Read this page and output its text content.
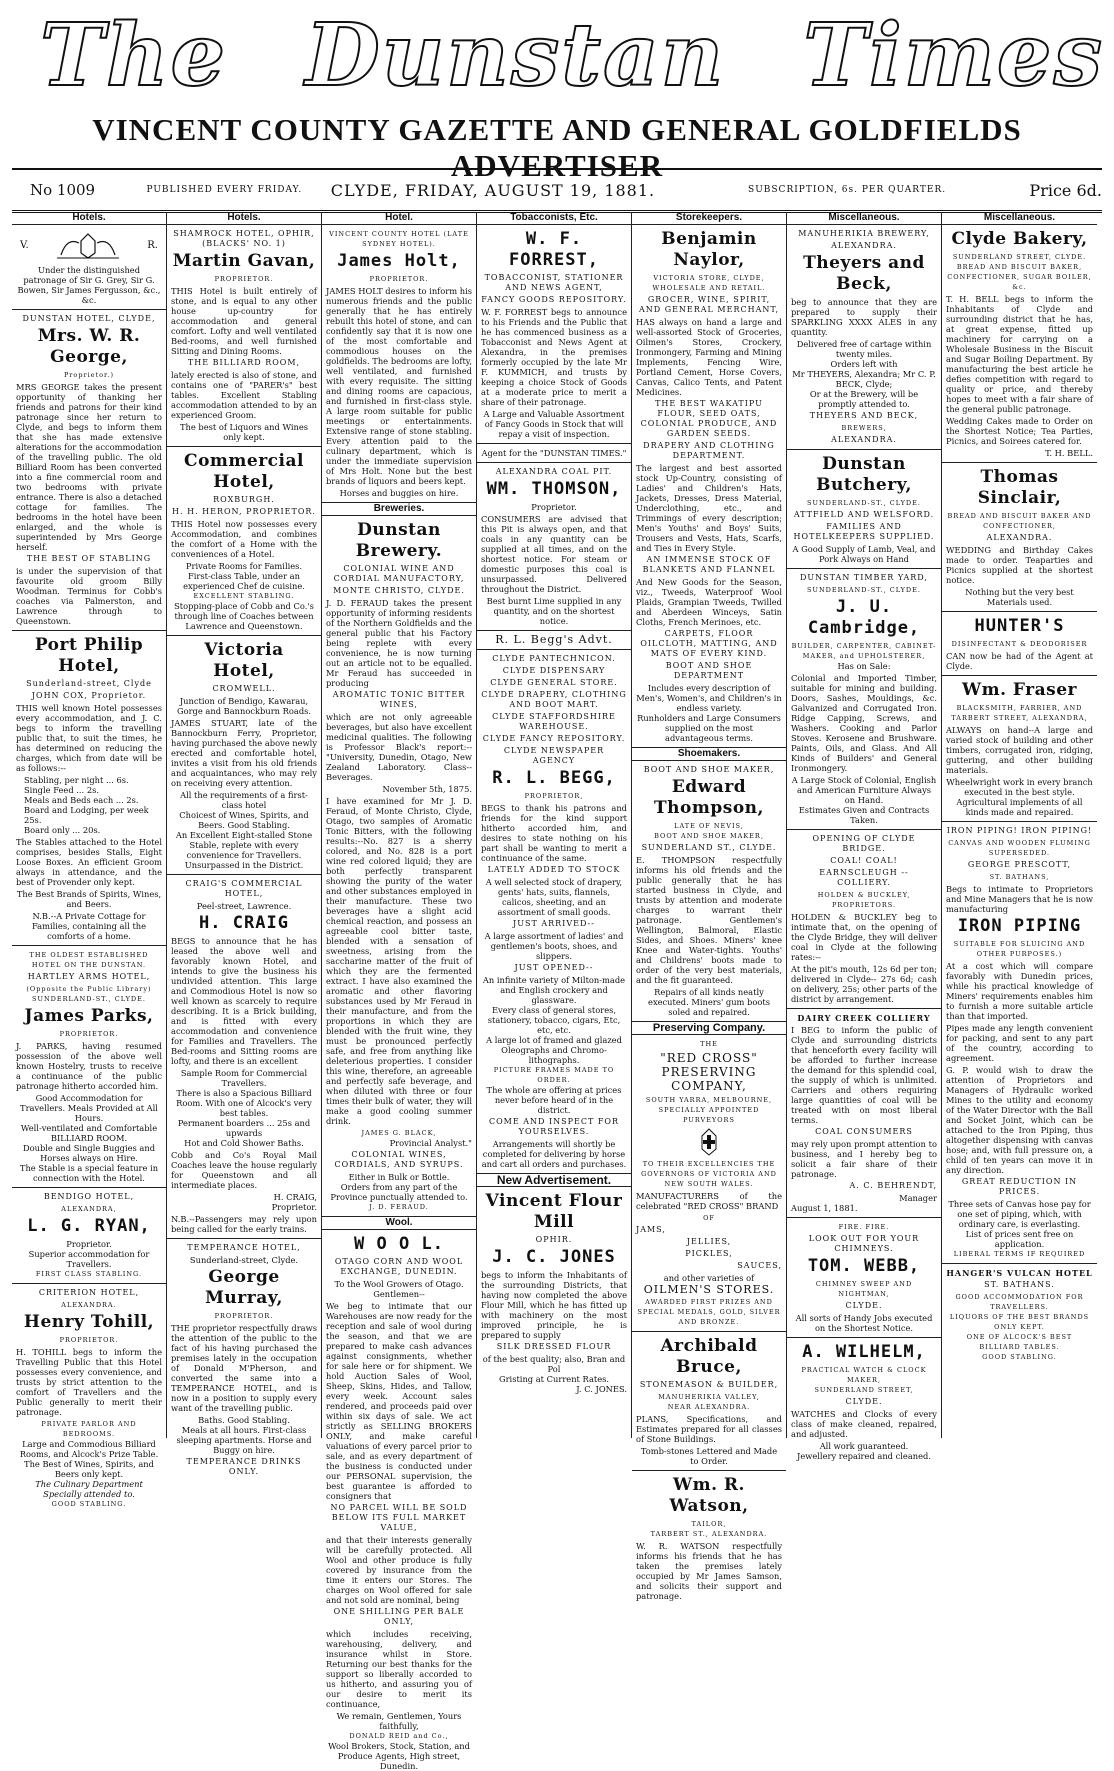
The Dunstan Times
VINCENT COUNTY GAZETTE AND GENERAL GOLDFIELDS ADVERTISER
No 1009	PUBLISHED EVERY FRIDAY.	CLYDE, FRIDAY, AUGUST 19, 1881.	SUBSCRIPTION, 6s. PER QUARTER.	Price 6d.
Hotels.
V.	R.
Under the distinguished patronage of Sir G. Grey, Sir G. Bowen, Sir James Fergusson, &c., &c.
DUNSTAN HOTEL, CLYDE,
Mrs. W. R. George,
Proprietor.)
MRS GEORGE takes the present opportunity of thanking her friends and patrons for their kind patronage since her return to Clyde, and begs to inform them that she has made extensive alterations for the accommodation of the travelling public. The old Billiard Room has been converted into a fine commercial room and two bedrooms with private entrance. There is also a detached cottage for families. The bedrooms in the hotel have been enlarged, and the whole is superintended by Mrs George herself.
THE BEST OF STABLING
is under the supervision of that favourite old groom Billy Woodman. Terminus for Cobb's coaches via Palmerston, and Lawrence through to Queenstown.
Port Philip Hotel,
Sunderland-street, Clyde
JOHN COX, Proprietor.
THIS well known Hotel possesses every accommodation, and J. C. begs to inform the travelling public that, to suit the times, he has determined on reducing the charges, which from date will be as follows:--
Stabling, per night ... 6s.
Single Feed ... 2s.
Meals and Beds each ... 2s.
Board and Lodging, per week 25s.
Board only ... 20s.
The Stables attached to the Hotel comprises, besides Stalls, Eight Loose Boxes. An efficient Groom always in attendance, and the best of Provender only kept.
The Best Brands of Spirits, Wines, and Beers.
N.B.--A Private Cottage for Families, containing all the comforts of a home.
THE OLDEST ESTABLISHED HOTEL ON THE DUNSTAN.
HARTLEY ARMS HOTEL,
(Opposite the Public Library) SUNDERLAND-ST., CLYDE.
James Parks,
PROPRIETOR.
J. PARKS, having resumed possession of the above well known Hostelry, trusts to receive a continuance of the public patronage hitherto accorded him.
Good Accommodation for Travellers. Meals Provided at All Hours.
Well-ventilated and Comfortable BILLIARD ROOM.
Double and Single Buggies and Horses always on Hire.
The Stable is a special feature in connection with the Hotel.
BENDIGO HOTEL,
ALEXANDRA,
L. G. RYAN,
Proprietor.
Superior accommodation for Travellers.
FIRST CLASS STABLING.
CRITERION HOTEL,
ALEXANDRA.
Henry Tohill,
PROPRIETOR.
H. TOHILL begs to inform the Travelling Public that this Hotel possesses every convenience, and trusts by strict attention to the comfort of Travellers and the Public generally to merit their patronage.
PRIVATE PARLOR AND BEDROOMS.
Large and Commodious Billiard Rooms, and Alcock's Prize Table.
The Best of Wines, Spirits, and Beers only kept.
The Culinary Department Specially attended to.
GOOD STABLING.
Hotels.
SHAMROCK HOTEL, OPHIR, (BLACKS' NO. 1)
Martin Gavan,
PROPRIETOR.
THIS Hotel is built entirely of stone, and is equal to any other house up-country for accommodation and general comfort. Lofty and well ventilated Bed-rooms, and well furnished Sitting and Dining Rooms.
THE BILLIARD ROOM,
lately erected is also of stone, and contains one of "PARER's" best tables. Excellent Stabling accommodation attended to by an experienced Groom.
The best of Liquors and Wines only kept.
Commercial Hotel,
ROXBURGH.
H. H. HERON, PROPRIETOR.
THIS Hotel now possesses every Accommodation, and combines the comfort of a Home with the conveniences of a Hotel.
Private Rooms for Families.
First-class Table, under an experienced Chef de cuisine.
EXCELLENT STABLING.
Stopping-place of Cobb and Co.'s through line of Coaches between Lawrence and Queenstown.
Victoria Hotel,
CROMWELL.
Junction of Bendigo, Kawarau, Gorge and Bannockburn Roads.
JAMES STUART, late of the Bannockburn Ferry, Proprietor, having purchased the above newly erected and comfortable hotel, invites a visit from his old friends and acquaintances, who may rely on receiving every attention.
All the requirements of a first-class hotel
Choicest of Wines, Spirits, and Beers. Good Stabling.
An Excellent Eight-stalled Stone Stable, replete with every convenience for Travellers. Unsurpassed in the District.
CRAIG'S COMMERCIAL HOTEL,
Peel-street, Lawrence.
H. CRAIG
BEGS to announce that he has leased the above well and favorably known Hotel, and intends to give the business his undivided attention. This large and Commodious Hotel is now so well known as scarcely to require describing. It is a Brick building, and is fitted with every accommodation and convenience for Families and Travellers. The Bed-rooms and Sitting rooms are lofty, and there is an excellent
Sample Room for Commercial Travellers.
There is also a Spacious Billiard Room. With one of Alcock's very best tables.
Permanent boarders ... 25s and upwards
Hot and Cold Shower Baths.
Cobb and Co's Royal Mail Coaches leave the house regularly for Queenstown and all intermediate places.
H. CRAIG,
Proprietor.
N.B.--Passengers may rely upon being called for the early trains.
TEMPERANCE HOTEL,
Sunderland-street, Clyde.
George Murray,
PROPRIETOR.
THE proprietor respectfully draws the attention of the public to the fact of his having purchased the premises lately in the occupation of Donald M'Pherson, and converted the same into a TEMPERANCE HOTEL, and is now in a position to supply every want of the travelling public.
Baths. Good Stabling.
Meals at all hours. First-class sleeping apartments. Horse and Buggy on hire.
TEMPERANCE DRINKS ONLY.
Hotel.
VINCENT COUNTY HOTEL (LATE SYDNEY HOTEL).
James Holt,
PROPRIETOR.
JAMES HOLT desires to inform his numerous friends and the public generally that he has entirely rebuilt this hotel of stone, and can confidently say that it is now one of the most comfortable and commodious houses on the goldfields. The bedrooms are lofty, well ventilated, and furnished with every requisite. The sitting and dining rooms are capacious, and furnished in first-class style. A large room suitable for public meetings or entertainments. Extensive range of stone stabling. Every attention paid to the culinary department, which is under the immediate supervision of Mrs Holt. None but the best brands of liquors and beers kept.
Horses and buggies on hire.
Breweries.
Dunstan Brewery.
COLONIAL WINE AND CORDIAL MANUFACTORY,
MONTE CHRISTO, CLYDE.
J. D. FERAUD takes the present opportunity of informing residents of the Northern Goldfields and the general public that his Factory being replete with every convenience, he is now turning out an article not to be equalled. Mr Feraud has succeeded in producing
AROMATIC TONIC BITTER WINES,
which are not only agreeable beverages, but also have excellent medicinal qualities. The following is Professor Black's report:-- "University, Dunedin, Otago, New Zealand Laboratory. Class--Beverages.
November 5th, 1875.
I have examined for Mr J. D. Feraud, of Monte Christo, Clyde, Otago, two samples of Aromatic Tonic Bitters, with the following results:--No. 827 is a sherry colored, and No. 828 is a port wine red colored liquid; they are both perfectly transparent showing the purity of the water and other substances employed in their manufacture. These two beverages have a slight acid chemical reaction, and possess an agreeable cool bitter taste, blended with a sensation of sweetness, arising from the saccharine matter of the fruit of which they are the fermented extract. I have also examined the aromatic and other flavoring substances used by Mr Feraud in their manufacture, and from the proportions in which they are blended with the fruit wine, they must be pronounced perfectly safe, and free from anything like deleterious properties. I consider this wine, therefore, an agreeable and perfectly safe beverage, and when diluted with three or four times their bulk of water, they will make a good cooling summer drink.
JAMES G. BLACK,
Provincial Analyst."
COLONIAL WINES, CORDIALS, AND SYRUPS.
Either in Bulk or Bottle.
Orders from any part of the Province punctually attended to.
J. D. FERAUD.
Wool.
W O O L.
OTAGO CORN AND WOOL EXCHANGE, DUNEDIN.
To the Wool Growers of Otago. Gentlemen--
We beg to intimate that our Warehouses are now ready for the reception and sale of wool during the season, and that we are prepared to make cash advances against consignments, whether for sale here or for shipment. We hold Auction Sales of Wool, Sheep, Skins, Hides, and Tallow, every week. Account sales rendered, and proceeds paid over within six days of sale. We act strictly as SELLING BROKERS ONLY, and make careful valuations of every parcel prior to sale, and as every department of the business is conducted under our PERSONAL supervision, the best guarantee is afforded to consigners that
NO PARCEL WILL BE SOLD BELOW ITS FULL MARKET VALUE,
and that their interests generally will be carefully protected. All Wool and other produce is fully covered by insurance from the time it enters our Stores. The charges on Wool offered for sale and not sold are nominal, being
ONE SHILLING PER BALE ONLY,
which includes receiving, warehousing, delivery, and insurance whilst in Store. Returning our best thanks for the support so liberally accorded to us hitherto, and assuring you of our desire to merit its continuance,
We remain, Gentlemen, Yours faithfully,
DONALD REID and Co.,
Wool Brokers, Stock, Station, and Produce Agents, High street, Dunedin.
Tobacconists, Etc.
W. F. FORREST,
TOBACCONIST, STATIONER AND NEWS AGENT,
FANCY GOODS REPOSITORY.
W. F. FORREST begs to announce to his Friends and the Public that he has commenced business as a Tobacconist and News Agent at Alexandra, in the premises formerly occupied by the late Mr F. KUMMICH, and trusts by keeping a choice Stock of Goods at a moderate price to merit a share of their patronage.
A Large and Valuable Assortment of Fancy Goods in Stock that will repay a visit of inspection.
Agent for the "DUNSTAN TIMES."
ALEXANDRA COAL PIT.
WM. THOMSON,
Proprietor.
CONSUMERS are advised that this Pit is always open, and that coals in any quantity can be supplied at all times, and on the shortest notice. For steam or domestic purposes this coal is unsurpassed. Delivered throughout the District.
Best burnt Lime supplied in any quantity, and on the shortest notice.
R. L. Begg's Advt.
CLYDE PANTECHNICON.
CLYDE DISPENSARY
CLYDE GENERAL STORE.
CLYDE DRAPERY, CLOTHING AND BOOT MART.
CLYDE STAFFORDSHIRE WAREHOUSE.
CLYDE FANCY REPOSITORY.
CLYDE NEWSPAPER AGENCY
R. L. BEGG,
PROPRIETOR,
BEGS to thank his patrons and friends for the kind support hitherto accorded him, and desires to state nothing on his part shall be wanting to merit a continuance of the same.
LATELY ADDED TO STOCK
A well selected stock of drapery, gents' hats, suits, flannels, calicos, sheeting, and an assortment of small goods.
JUST ARRIVED--
A large assortment of ladies' and gentlemen's boots, shoes, and slippers.
JUST OPENED--
An infinite variety of Milton-made and English crockery and glassware.
Every class of general stores, stationery, tobacco, cigars, Etc, etc, etc.
A large lot of framed and glazed Oleographs and Chromo-lithographs.
PICTURE FRAMES MADE TO ORDER.
The whole are offering at prices never before heard of in the district.
COME AND INSPECT FOR YOURSELVES.
Arrangements will shortly be completed for delivering by horse and cart all orders and purchases.
New Advertisement.
Vincent Flour Mill
OPHIR.
J. C. JONES
begs to inform the Inhabitants of the surrounding Districts, that having now completed the above Flour Mill, which he has fitted up with machinery on the most improved principle, he is prepared to supply
SILK DRESSED FLOUR
of the best quality; also, Bran and Pol
Gristing at Current Rates.
J. C. JONES.
Storekeepers.
Benjamin Naylor,
VICTORIA STORE, CLYDE,
WHOLESALE AND RETAIL.
GROCER, WINE, SPIRIT, AND GENERAL MERCHANT,
HAS always on hand a large and well-assorted Stock of Groceries, Oilmen's Stores, Crockery, Ironmongery, Farming and Mining Implements, Fencing Wire, Portland Cement, Horse Covers, Canvas, Calico Tents, and Patent Medicines.
THE BEST WAKATIPU FLOUR, SEED OATS, COLONIAL PRODUCE, AND GARDEN SEEDS.
DRAPERY AND CLOTHING DEPARTMENT.
The largest and best assorted stock Up-Country, consisting of Ladies' and Children's Hats, Jackets, Dresses, Dress Material, Underclothing, etc., and Trimmings of every description; Men's Youths' and Boys' Suits, Trousers and Vests, Hats, Scarfs, and Ties in Every Style.
AN IMMENSE STOCK OF BLANKETS AND FLANNEL
And New Goods for the Season, viz., Tweeds, Waterproof Wool Plaids, Grampian Tweeds, Twilled and Aberdeen Winceys, Satin Cloths, French Merinoes, etc.
CARPETS, FLOOR OILCLOTH, MATTING, AND MATS OF EVERY KIND.
BOOT AND SHOE DEPARTMENT
Includes every description of Men's, Women's, and Children's in endless variety.
Runholders and Large Consumers supplied on the most advantageous terms.
Shoemakers.
BOOT AND SHOE MAKER,
Edward Thompson,
LATE OF NEVIS,
BOOT AND SHOE MAKER,
SUNDERLAND ST., CLYDE.
E. THOMPSON respectfully informs his old friends and the public generally that he has started business in Clyde, and trusts by attention and moderate charges to warrant their patronage. Gentlemen's Wellington, Balmoral, Elastic Sides, and Shoes. Miners' knee Knee and Water-tights. Youths' and Childrens' boots made to order of the very best materials, and the fit guaranteed.
Repairs of all kinds neatly executed. Miners' gum boots soled and repaired.
Preserving Company.
THE
"RED CROSS" PRESERVING COMPANY,
SOUTH YARRA, MELBOURNE,
SPECIALLY APPOINTED PURVEYORS
TO THEIR EXCELLENCIES THE GOVERNORS OF VICTORIA AND NEW SOUTH WALES.
MANUFACTURERS of the celebrated "RED CROSS" BRAND
OF
JAMS,
JELLIES,
PICKLES,
SAUCES,
and other varieties of
OILMEN'S STORES.
AWARDED FIRST PRIZES AND SPECIAL MEDALS, GOLD, SILVER AND BRONZE.
Archibald Bruce,
STONEMASON & BUILDER,
MANUHERIKIA VALLEY,
NEAR ALEXANDRA.
PLANS, Specifications, and Estimates prepared for all classes of Stone Buildings.
Tomb-stones Lettered and Made to Order.
Wm. R. Watson,
TAILOR,
TARBERT ST., ALEXANDRA.
W. R. WATSON respectfully informs his friends that he has taken the premises lately occupied by Mr James Samson, and solicits their support and patronage.
Miscellaneous.
MANUHERIKIA BREWERY,
ALEXANDRA.
Theyers and Beck,
beg to announce that they are prepared to supply their SPARKLING XXXX ALES in any quantity.
Delivered free of cartage within twenty miles.
Orders left with
Mr THEYERS, Alexandra; Mr C. P. BECK, Clyde;
Or at the Brewery, will be promptly attended to.
THEYERS AND BECK,
BREWERS,
ALEXANDRA.
Dunstan Butchery,
SUNDERLAND-ST., CLYDE.
ATTFIELD AND WELSFORD.
FAMILIES AND HOTELKEEPERS SUPPLIED.
A Good Supply of Lamb, Veal, and Pork Always on Hand
DUNSTAN TIMBER YARD,
SUNDERLAND-ST., CLYDE.
J. U. Cambridge,
BUILDER, CARPENTER, CABINET-MAKER, and UPHOLSTERER,
Has on Sale:
Colonial and Imported Timber, suitable for mining and building. Doors, Sashes, Mouldings, &c. Galvanized and Corrugated Iron. Ridge Capping, Screws, and Washers. Cooking and Parlor Stoves. Kerosene and Brushware. Paints, Oils, and Glass. And All Kinds of Builders' and General Ironmongery.
A Large Stock of Colonial, English and American Furniture Always on Hand.
Estimates Given and Contracts Taken.
OPENING OF CLYDE BRIDGE.
COAL! COAL!
EARNSCLEUGH -- COLLIERY.
HOLDEN & BUCKLEY,
PROPRIETORS.
HOLDEN & BUCKLEY beg to intimate that, on the opening of the Clyde Bridge, they will deliver coal in Clyde at the following rates:--
At the pit's mouth, 12s 6d per ton; delivered in Clyde-- 27s 6d; cash on delivery, 25s; other parts of the district by arrangement.
DAIRY CREEK COLLIERY
I BEG to inform the public of Clyde and surrounding districts that henceforth every facility will be afforded to further increase the demand for this splendid coal, the supply of which is unlimited. Carriers and others requiring large quantities of coal will be treated with on most liberal terms.
COAL CONSUMERS
may rely upon prompt attention to business, and I hereby beg to solicit a fair share of their patronage.
A. C. BEHRENDT,
Manager
August 1, 1881.
FIRE. FIRE.
LOOK OUT FOR YOUR CHIMNEYS.
TOM. WEBB,
CHIMNEY SWEEP AND NIGHTMAN,
CLYDE.
All sorts of Handy Jobs executed on the Shortest Notice.
A. WILHELM,
PRACTICAL WATCH & CLOCK MAKER,
SUNDERLAND STREET,
CLYDE.
WATCHES and Clocks of every class of make cleaned, repaired, and adjusted.
All work guaranteed.
Jewellery repaired and cleaned.
Miscellaneous.
Clyde Bakery,
SUNDERLAND STREET, CLYDE.
BREAD AND BISCUIT BAKER, CONFECTIONER, SUGAR BOILER, &c.
T. H. BELL begs to inform the Inhabitants of Clyde and surrounding district that he has, at great expense, fitted up machinery for carrying on a Wholesale Business in the Biscuit and Sugar Boiling Department. By manufacturing the best article he defies competition with regard to quality or price, and thereby hopes to meet with a fair share of the general public patronage.
Wedding Cakes made to Order on the Shortest Notice; Tea Parties, Picnics, and Soirees catered for.
T. H. BELL.
Thomas Sinclair,
BREAD AND BISCUIT BAKER AND CONFECTIONER,
ALEXANDRA.
WEDDING and Birthday Cakes made to order. Teaparties and Picnics supplied at the shortest notice.
Nothing but the very best Materials used.
HUNTER'S
DISINFECTANT & DEODORISER
CAN now be had of the Agent at Clyde.
Wm. Fraser
BLACKSMITH, FARRIER, AND
TARBERT STREET, ALEXANDRA,
ALWAYS on hand--A large and varied stock of building and other timbers, corrugated iron, ridging, guttering, and other building materials.
Wheelwright work in every branch executed in the best style.
Agricultural implements of all kinds made and repaired.
IRON PIPING! IRON PIPING!
CANVAS AND WOODEN FLUMING SUPERSEDED.
GEORGE PRESCOTT,
ST. BATHANS,
Begs to intimate to Proprietors and Mine Managers that he is now manufacturing
IRON PIPING
SUITABLE FOR SLUICING AND OTHER PURPOSES.)
At a cost which will compare favorably with Dunedin prices, while his practical knowledge of Miners' requirements enables him to furnish a more suitable article than that imported.
Pipes made any length convenient for packing, and sent to any part of the country, according to agreement.
G. P. would wish to draw the attention of Proprietors and Managers of Hydraulic worked Mines to the utility and economy of the Water Director with the Ball and Socket Joint, which can be attached to the Iron Piping, thus altogether dispensing with canvas hose; and, with full pressure on, a child of ten years can move it in any direction.
GREAT REDUCTION IN PRICES.
Three sets of Canvas hose pay for one set of piping, which, with ordinary care, is everlasting.
List of prices sent free on application.
LIBERAL TERMS IF REQUIRED
HANGER'S VULCAN HOTEL
ST. BATHANS.
GOOD ACCOMMODATION FOR TRAVELLERS.
LIQUORS OF THE BEST BRANDS ONLY KEPT.
ONE OF ALCOCK'S BEST BILLIARD TABLES.
GOOD STABLING.
